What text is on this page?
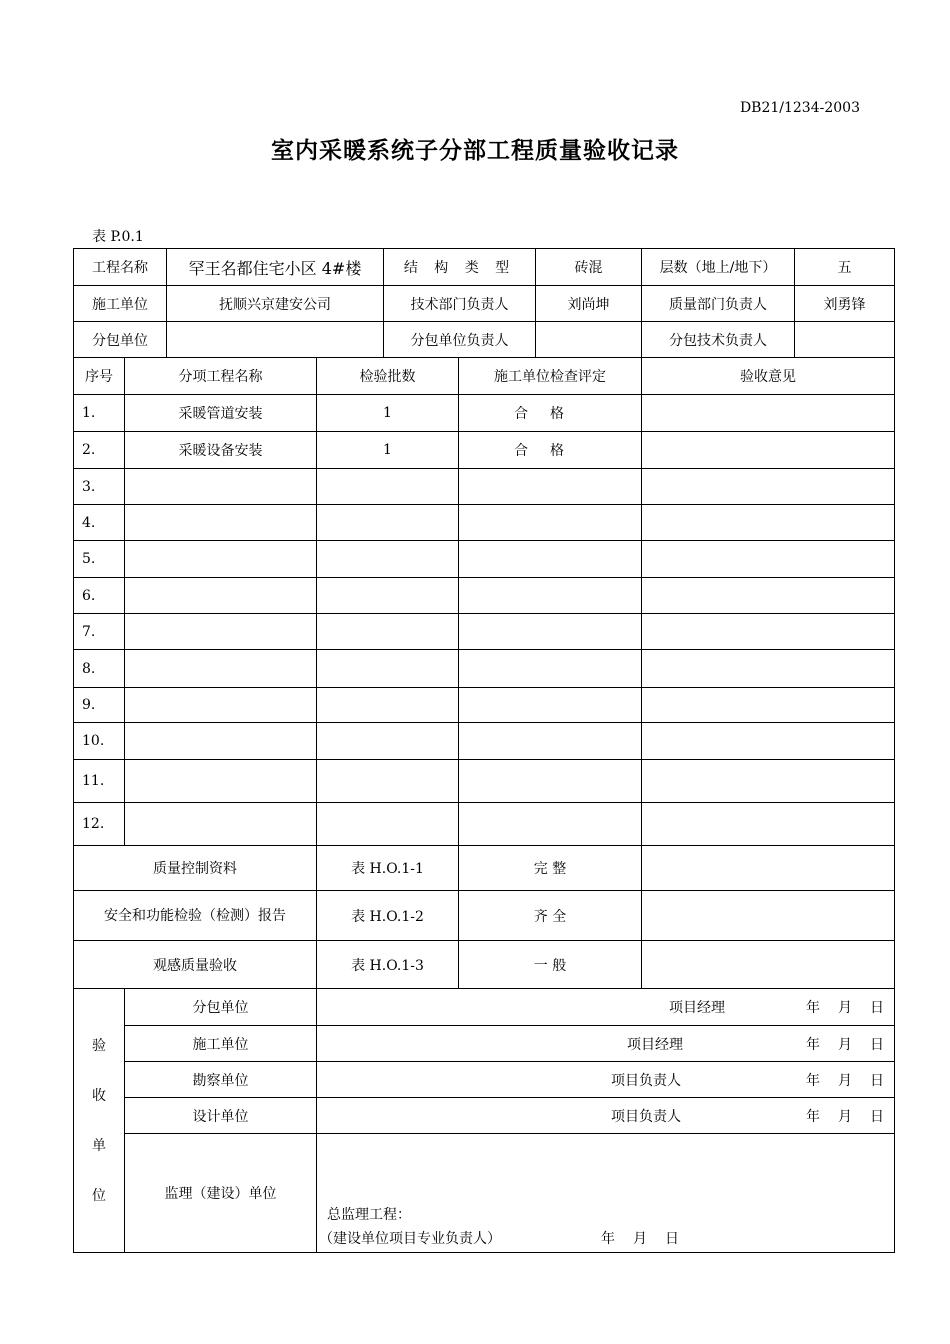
DB21/1234-2003
室内采暖系统子分部工程质量验收记录
表 P.0.1
工程名称	罕王名都住宅小区 4#楼	结 构 类 型	砖混	层数（地上/地下）	五
施工单位	抚顺兴京建安公司	技术部门负责人	刘尚坤	质量部门负责人	刘勇锋
分包单位		分包单位负责人		分包技术负责人	
序号	分项工程名称	检验批数	施工单位检查评定	验收意见
1.	采暖管道安装	1	合格	
2.	采暖设备安装	1	合格	
3.				
4.				
5.				
6.				
7.				
8.				
9.				
10.				
11.				
12.				
质量控制资料		表 H.O.1-1	完 整	
安全和功能检验（检测）报告		表 H.O.1-2	齐 全	
观感质量验收		表 H.O.1-3	一 般	
验
收
单
位	分包单位	项目经理 年 月 日

	施工单位	项目经理 年 月 日

	勘察单位	项目负责人 年 月 日

	设计单位	项目负责人 年 月 日

	监理（建设）单位	总监理工程：
（建设单位项目专业负责人） 年 月 日
